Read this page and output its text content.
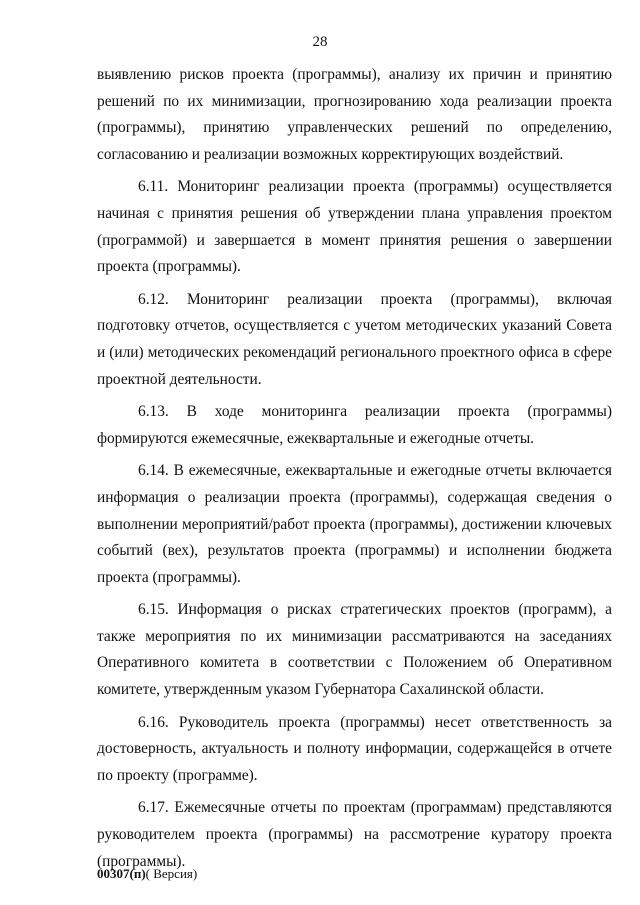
28

выявлению рисков проекта (программы), анализу их причин и принятию решений по их минимизации, прогнозированию хода реализации проекта (программы), принятию управленческих решений по определению, согласованию и реализации возможных корректирующих воздействий.

6.11. Мониторинг реализации проекта (программы) осуществляется начиная с принятия решения об утверждении плана управления проектом (программой) и завершается в момент принятия решения о завершении проекта (программы).

6.12. Мониторинг реализации проекта (программы), включая подготовку отчетов, осуществляется с учетом методических указаний Совета и (или) методических рекомендаций регионального проектного офиса в сфере проектной деятельности.

6.13. В ходе мониторинга реализации проекта (программы) формируются ежемесячные, ежеквартальные и ежегодные отчеты.

6.14. В ежемесячные, ежеквартальные и ежегодные отчеты включается информация о реализации проекта (программы), содержащая сведения о выполнении мероприятий/работ проекта (программы), достижении ключевых событий (вех), результатов проекта (программы) и исполнении бюджета проекта (программы).

6.15. Информация о рисках стратегических проектов (программ), а также мероприятия по их минимизации рассматриваются на заседаниях Оперативного комитета в соответствии с Положением об Оперативном комитете, утвержденным указом Губернатора Сахалинской области.

6.16. Руководитель проекта (программы) несет ответственность за достоверность, актуальность и полноту информации, содержащейся в отчете по проекту (программе).

6.17. Ежемесячные отчеты по проектам (программам) представляются руководителем проекта (программы) на рассмотрение куратору проекта (программы).

00307(п)( Версия)
